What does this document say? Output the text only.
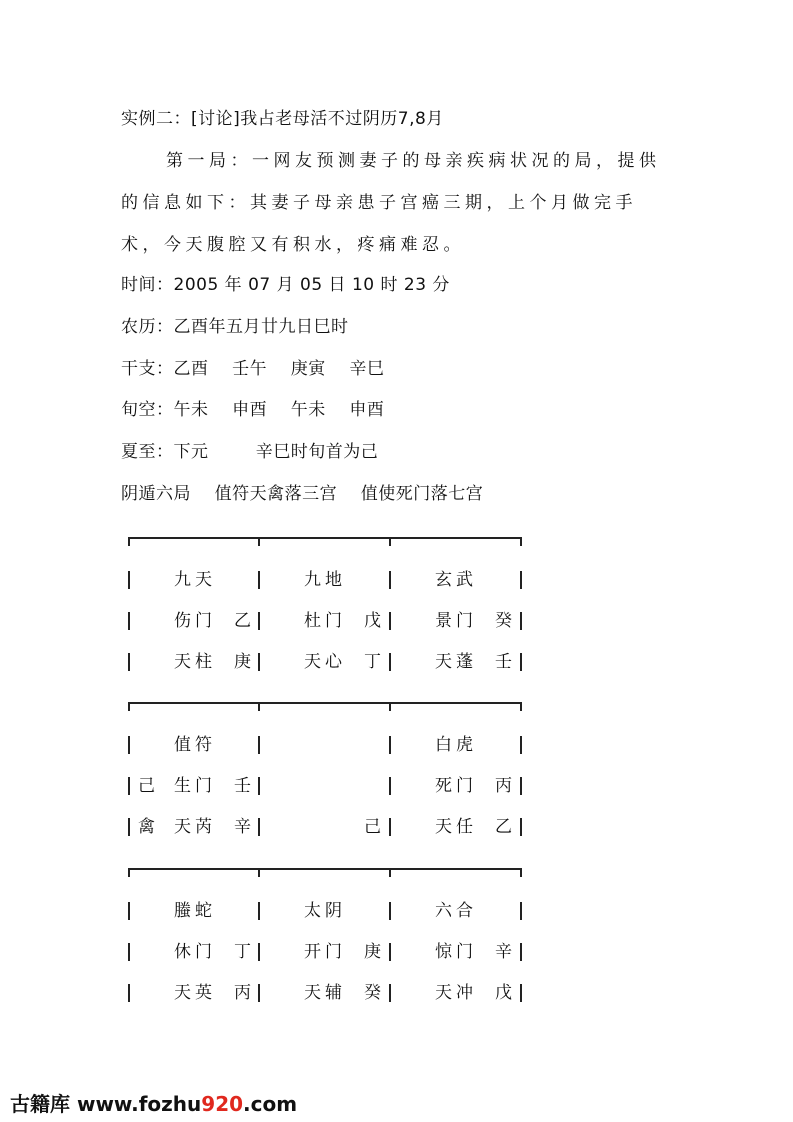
实例二：[讨论]我占老母活不过阴历7,8月
第一局：一网友预测妻子的母亲疾病状况的局，提供的信息如下：其妻子母亲患子宫癌三期，上个月做完手术，今天腹腔又有积水，疼痛难忍。
时间：2005 年 07 月 05 日 10 时 23 分
农历：乙酉年五月廿九日巳时
干支：乙酉    壬午    庚寅    辛巳
旬空：午未    申酉    午未    申酉
夏至：下元        辛巳时旬首为己
阴遁六局    值符天禽落三宫    值使死门落七宫
九天
伤门 乙
天柱 庚
九地
杜门 戊
天心 丁
玄武
景门 癸
天蓬 壬
值符
生门 壬
己
天芮 辛
禽	己
白虎
死门 丙
天任 乙
螣蛇
休门 丁
天英 丙
太阴
开门 庚
天辅 癸
六合
惊门 辛
天冲 戊
古籍库 www.fozhu920.com
